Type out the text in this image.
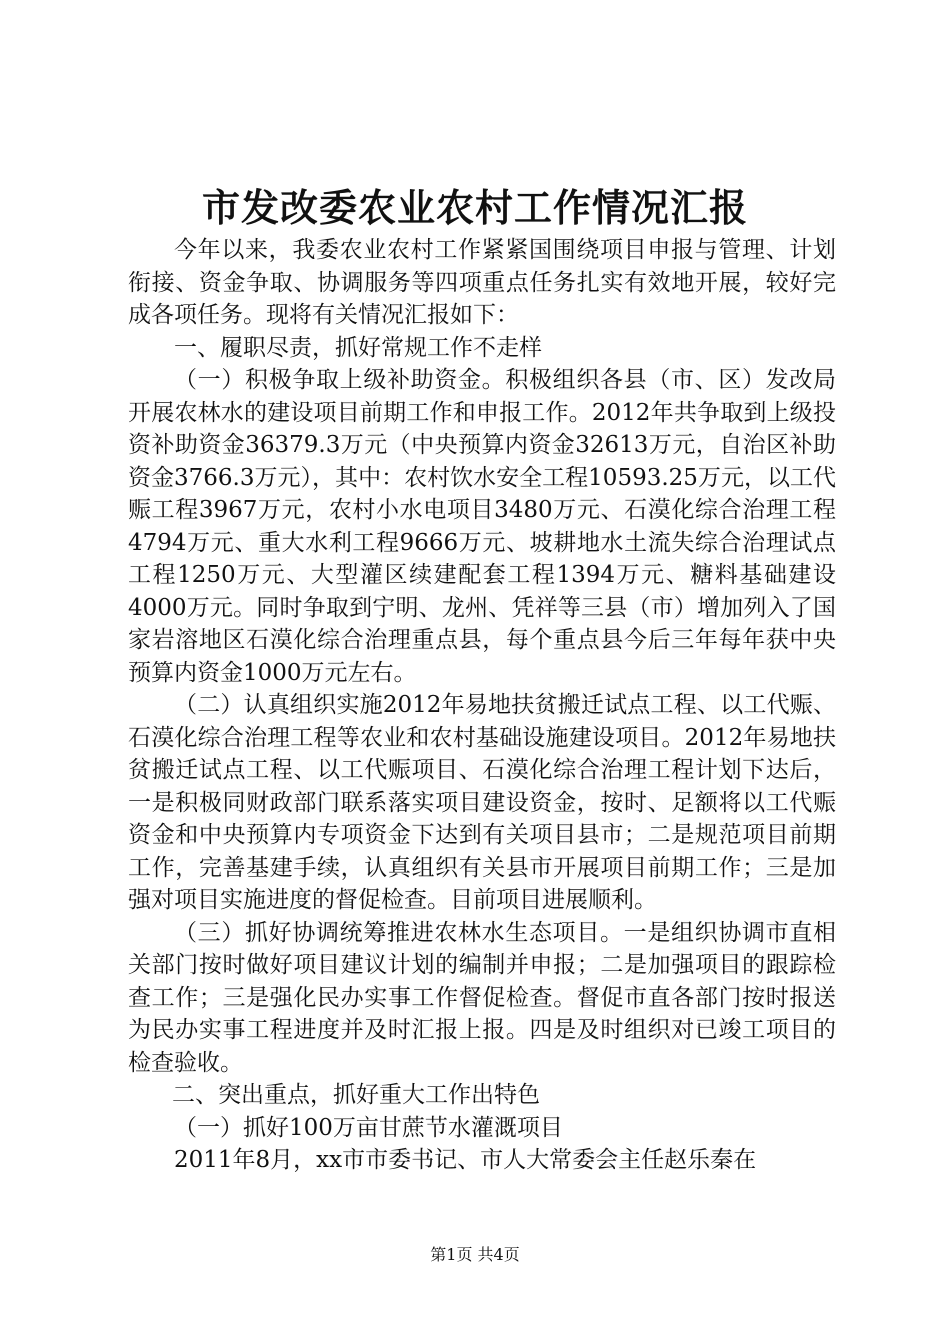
市发改委农业农村工作情况汇报

今年以来，我委农业农村工作紧紧国围绕项目申报与管理、计划衔接、资金争取、协调服务等四项重点任务扎实有效地开展，较好完成各项任务。现将有关情况汇报如下：

一、履职尽责，抓好常规工作不走样

（一）积极争取上级补助资金。积极组织各县（市、区）发改局开展农林水的建设项目前期工作和申报工作。2012年共争取到上级投资补助资金36379.3万元（中央预算内资金32613万元，自治区补助资金3766.3万元），其中：农村饮水安全工程10593.25万元，以工代赈工程3967万元，农村小水电项目3480万元、石漠化综合治理工程4794万元、重大水利工程9666万元、坡耕地水土流失综合治理试点工程1250万元、大型灌区续建配套工程1394万元、糖料基础建设4000万元。同时争取到宁明、龙州、凭祥等三县（市）增加列入了国家岩溶地区石漠化综合治理重点县，每个重点县今后三年每年获中央预算内资金1000万元左右。

（二）认真组织实施2012年易地扶贫搬迁试点工程、以工代赈、石漠化综合治理工程等农业和农村基础设施建设项目。2012年易地扶贫搬迁试点工程、以工代赈项目、石漠化综合治理工程计划下达后，一是积极同财政部门联系落实项目建设资金，按时、足额将以工代赈资金和中央预算内专项资金下达到有关项目县市；二是规范项目前期工作，完善基建手续，认真组织有关县市开展项目前期工作；三是加强对项目实施进度的督促检查。目前项目进展顺利。

（三）抓好协调统筹推进农林水生态项目。一是组织协调市直相关部门按时做好项目建议计划的编制并申报；二是加强项目的跟踪检查工作；三是强化民办实事工作督促检查。督促市直各部门按时报送为民办实事工程进度并及时汇报上报。四是及时组织对已竣工项目的检查验收。

二、突出重点，抓好重大工作出特色

（一）抓好100万亩甘蔗节水灌溉项目

2011年8月，xx市市委书记、市人大常委会主任赵乐秦在

第1页 共4页
